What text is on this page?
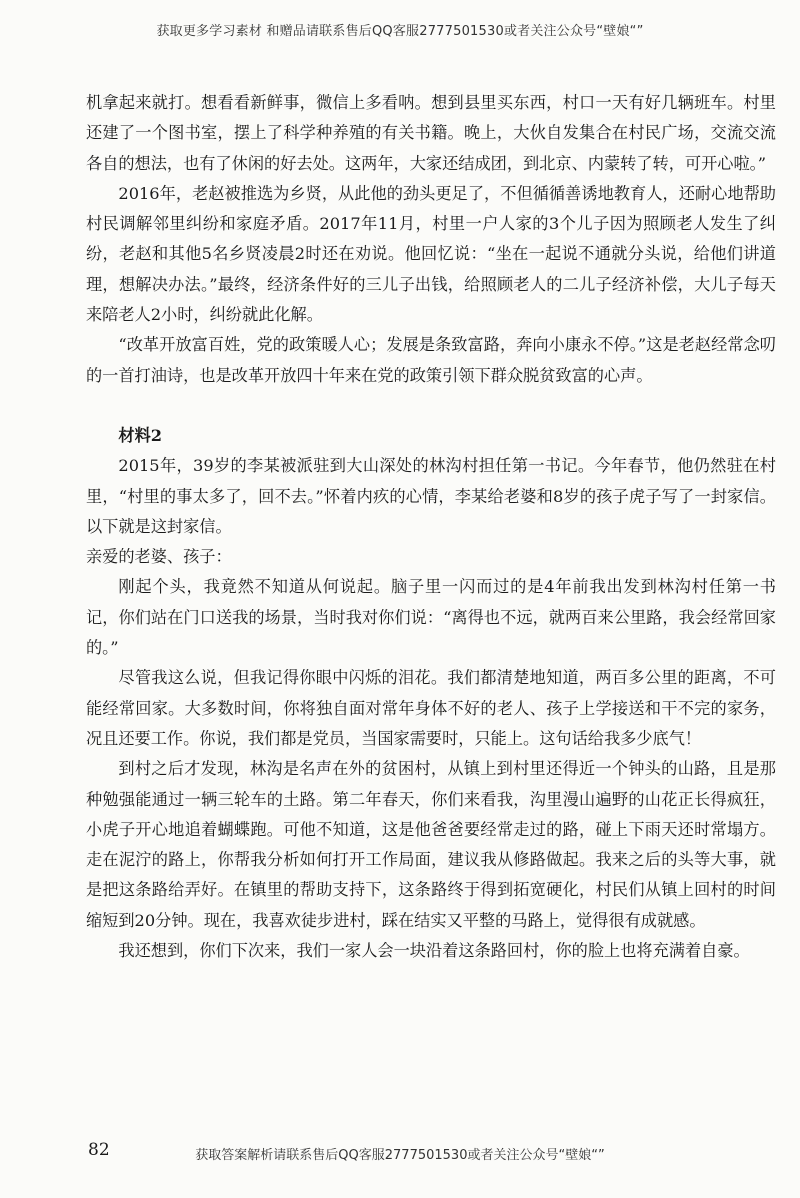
获取更多学习素材 和赠品请联系售后QQ客服2777501530或者关注公众号“壁娘“”

机拿起来就打。想看看新鲜事，微信上多看呐。想到县里买东西，村口一天有好几辆班车。村里还建了一个图书室，摆上了科学种养殖的有关书籍。晚上，大伙自发集合在村民广场，交流交流各自的想法，也有了休闲的好去处。这两年，大家还结成团，到北京、内蒙转了转，可开心啦。”

2016年，老赵被推选为乡贤，从此他的劲头更足了，不但循循善诱地教育人，还耐心地帮助村民调解邻里纠纷和家庭矛盾。2017年11月，村里一户人家的3个儿子因为照顾老人发生了纠纷，老赵和其他5名乡贤凌晨2时还在劝说。他回忆说：“坐在一起说不通就分头说，给他们讲道理，想解决办法。”最终，经济条件好的三儿子出钱，给照顾老人的二儿子经济补偿，大儿子每天来陪老人2小时，纠纷就此化解。

“改革开放富百姓，党的政策暖人心；发展是条致富路，奔向小康永不停。”这是老赵经常念叨的一首打油诗，也是改革开放四十年来在党的政策引领下群众脱贫致富的心声。

材料2

2015年，39岁的李某被派驻到大山深处的林沟村担任第一书记。今年春节，他仍然驻在村里，“村里的事太多了，回不去。”怀着内疚的心情，李某给老婆和8岁的孩子虎子写了一封家信。以下就是这封家信。

亲爱的老婆、孩子：

刚起个头，我竟然不知道从何说起。脑子里一闪而过的是4年前我出发到林沟村任第一书记，你们站在门口送我的场景，当时我对你们说：“离得也不远，就两百来公里路，我会经常回家的。”

尽管我这么说，但我记得你眼中闪烁的泪花。我们都清楚地知道，两百多公里的距离，不可能经常回家。大多数时间，你将独自面对常年身体不好的老人、孩子上学接送和干不完的家务，况且还要工作。你说，我们都是党员，当国家需要时，只能上。这句话给我多少底气！

到村之后才发现，林沟是名声在外的贫困村，从镇上到村里还得近一个钟头的山路，且是那种勉强能通过一辆三轮车的土路。第二年春天，你们来看我，沟里漫山遍野的山花正长得疯狂，小虎子开心地追着蝴蝶跑。可他不知道，这是他爸爸要经常走过的路，碰上下雨天还时常塌方。走在泥泞的路上，你帮我分析如何打开工作局面，建议我从修路做起。我来之后的头等大事，就是把这条路给弄好。在镇里的帮助支持下，这条路终于得到拓宽硬化，村民们从镇上回村的时间缩短到20分钟。现在，我喜欢徒步进村，踩在结实又平整的马路上，觉得很有成就感。

我还想到，你们下次来，我们一家人会一块沿着这条路回村，你的脸上也将充满着自豪。

82	获取答案解析请联系售后QQ客服2777501530或者关注公众号“壁娘“”
